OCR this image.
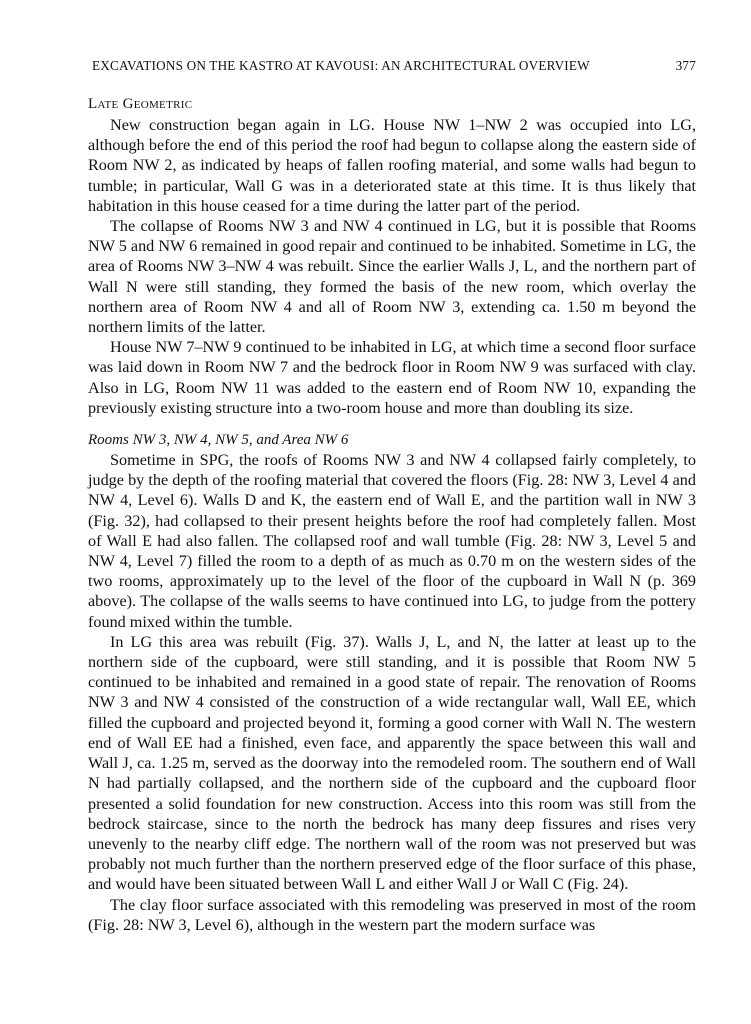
EXCAVATIONS ON THE KASTRO AT KAVOUSI: AN ARCHITECTURAL OVERVIEW	377
Late Geometric

New construction began again in LG. House NW 1–NW 2 was occupied into LG, although before the end of this period the roof had begun to collapse along the eastern side of Room NW 2, as indicated by heaps of fallen roofing material, and some walls had begun to tumble; in particular, Wall G was in a deteriorated state at this time. It is thus likely that habitation in this house ceased for a time during the latter part of the period.

The collapse of Rooms NW 3 and NW 4 continued in LG, but it is possible that Rooms NW 5 and NW 6 remained in good repair and continued to be inhabited. Sometime in LG, the area of Rooms NW 3–NW 4 was rebuilt. Since the earlier Walls J, L, and the northern part of Wall N were still standing, they formed the basis of the new room, which overlay the northern area of Room NW 4 and all of Room NW 3, extending ca. 1.50 m beyond the northern limits of the latter.

House NW 7–NW 9 continued to be inhabited in LG, at which time a second floor surface was laid down in Room NW 7 and the bedrock floor in Room NW 9 was surfaced with clay. Also in LG, Room NW 11 was added to the eastern end of Room NW 10, expanding the previously existing structure into a two-room house and more than doubling its size.

Rooms NW 3, NW 4, NW 5, and Area NW 6

Sometime in SPG, the roofs of Rooms NW 3 and NW 4 collapsed fairly completely, to judge by the depth of the roofing material that covered the floors (Fig. 28: NW 3, Level 4 and NW 4, Level 6). Walls D and K, the eastern end of Wall E, and the partition wall in NW 3 (Fig. 32), had collapsed to their present heights before the roof had completely fallen. Most of Wall E had also fallen. The collapsed roof and wall tumble (Fig. 28: NW 3, Level 5 and NW 4, Level 7) filled the room to a depth of as much as 0.70 m on the western sides of the two rooms, approximately up to the level of the floor of the cupboard in Wall N (p. 369 above). The collapse of the walls seems to have continued into LG, to judge from the pottery found mixed within the tumble.

In LG this area was rebuilt (Fig. 37). Walls J, L, and N, the latter at least up to the northern side of the cupboard, were still standing, and it is possible that Room NW 5 continued to be inhabited and remained in a good state of repair. The renovation of Rooms NW 3 and NW 4 consisted of the construction of a wide rectangular wall, Wall EE, which filled the cupboard and projected beyond it, forming a good corner with Wall N. The western end of Wall EE had a finished, even face, and apparently the space between this wall and Wall J, ca. 1.25 m, served as the doorway into the remodeled room. The southern end of Wall N had partially collapsed, and the northern side of the cupboard and the cupboard floor presented a solid foundation for new construction. Access into this room was still from the bedrock staircase, since to the north the bedrock has many deep fissures and rises very unevenly to the nearby cliff edge. The northern wall of the room was not preserved but was probably not much further than the northern preserved edge of the floor surface of this phase, and would have been situated between Wall L and either Wall J or Wall C (Fig. 24).

The clay floor surface associated with this remodeling was preserved in most of the room (Fig. 28: NW 3, Level 6), although in the western part the modern surface was
